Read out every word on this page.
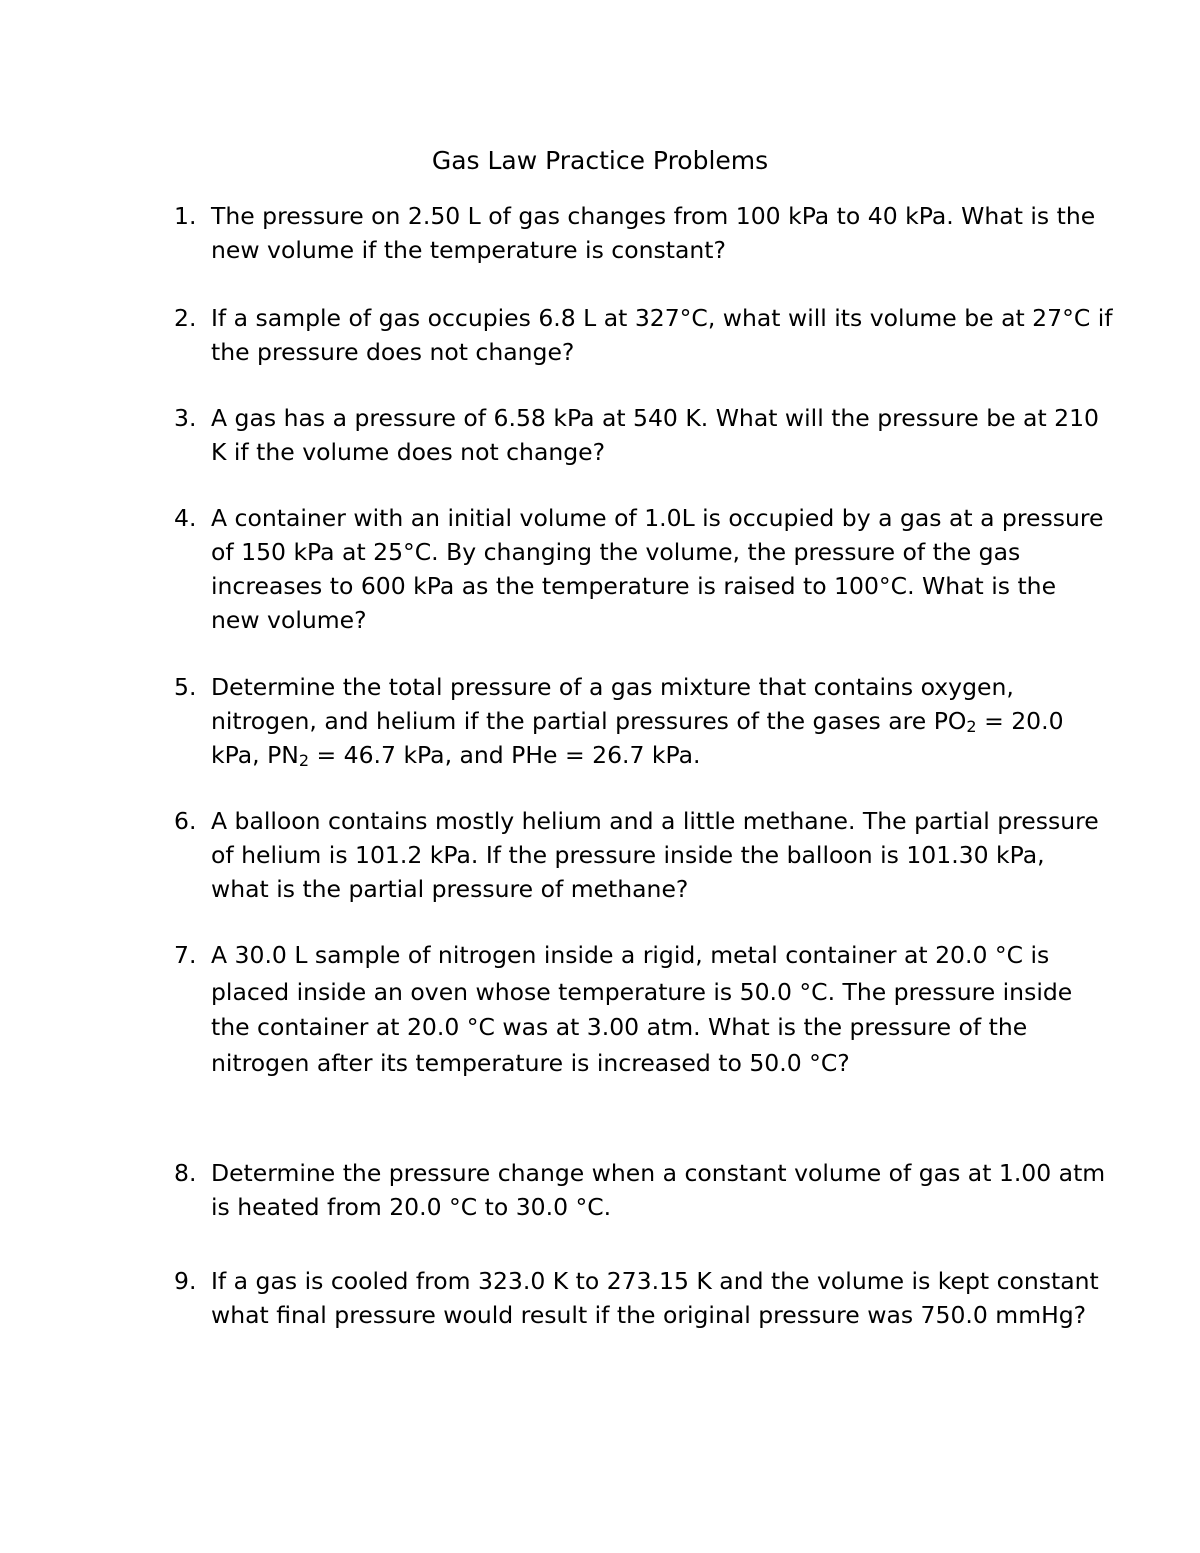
Gas Law Practice Problems
1. The pressure on 2.50 L of gas changes from 100 kPa to 40 kPa. What is the
new volume if the temperature is constant?
2. If a sample of gas occupies 6.8 L at 327°C, what will its volume be at 27°C if
the pressure does not change?
3. A gas has a pressure of 6.58 kPa at 540 K. What will the pressure be at 210
K if the volume does not change?
4. A container with an initial volume of 1.0L is occupied by a gas at a pressure
of 150 kPa at 25°C. By changing the volume, the pressure of the gas
increases to 600 kPa as the temperature is raised to 100°C. What is the
new volume?
5. Determine the total pressure of a gas mixture that contains oxygen,
nitrogen, and helium if the partial pressures of the gases are $PO_2 = 20.0$
kPa, $PN_2 = 46.7$ kPa, and PHe = 26.7 kPa.
6. A balloon contains mostly helium and a little methane. The partial pressure
of helium is 101.2 kPa. If the pressure inside the balloon is 101.30 kPa,
what is the partial pressure of methane?
7. A 30.0 L sample of nitrogen inside a rigid, metal container at 20.0 °C is
placed inside an oven whose temperature is 50.0 °C. The pressure inside
the container at 20.0 °C was at 3.00 atm. What is the pressure of the
nitrogen after its temperature is increased to 50.0 °C?
8. Determine the pressure change when a constant volume of gas at 1.00 atm
is heated from 20.0 °C to 30.0 °C.
9. If a gas is cooled from 323.0 K to 273.15 K and the volume is kept constant
what final pressure would result if the original pressure was 750.0 mmHg?
